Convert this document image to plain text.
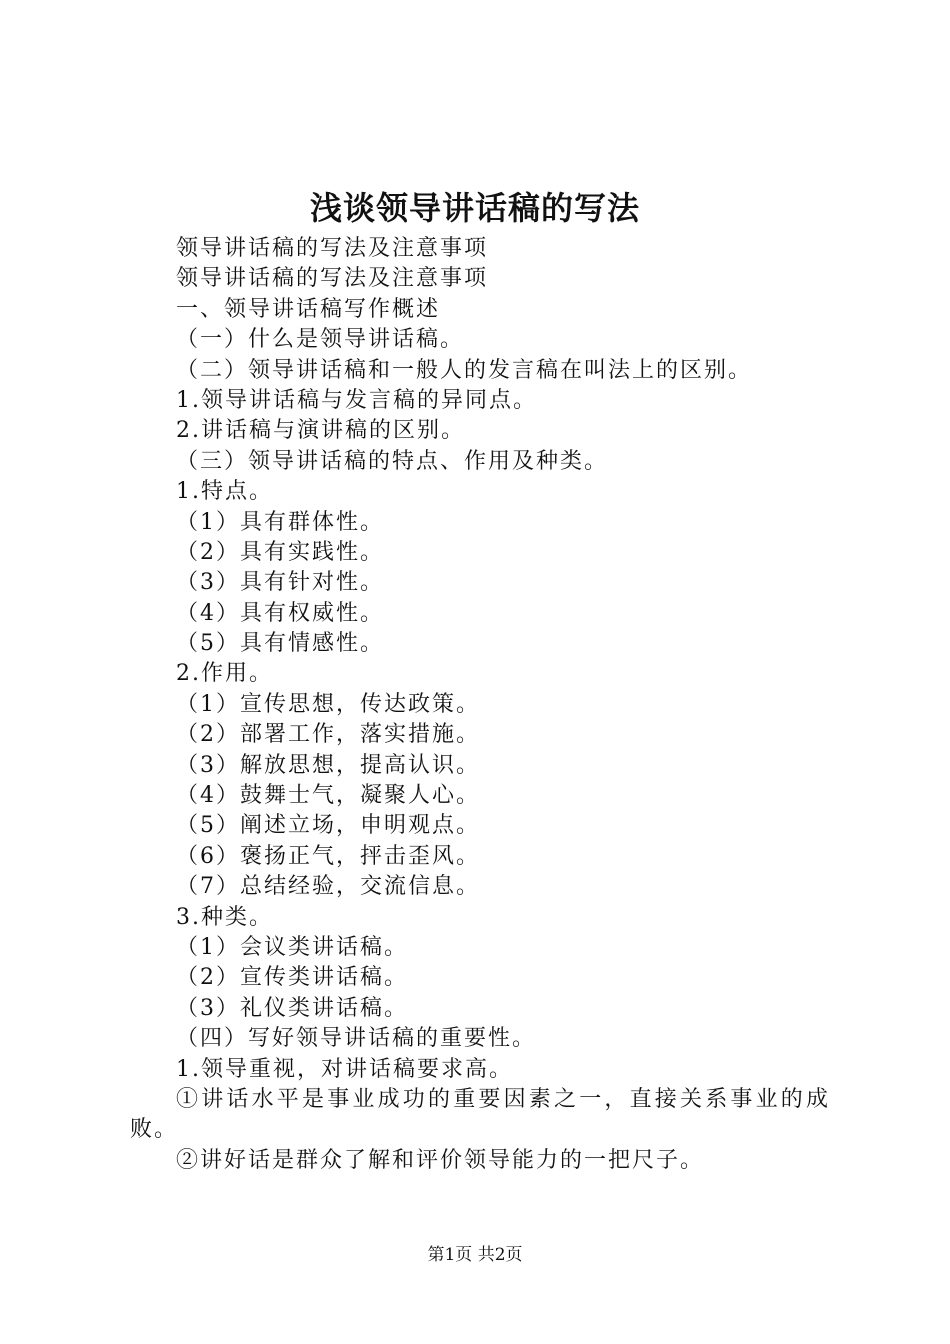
浅谈领导讲话稿的写法
领导讲话稿的写法及注意事项
领导讲话稿的写法及注意事项
一、领导讲话稿写作概述
（一）什么是领导讲话稿。
（二）领导讲话稿和一般人的发言稿在叫法上的区别。
1.领导讲话稿与发言稿的异同点。
2.讲话稿与演讲稿的区别。
（三）领导讲话稿的特点、作用及种类。
1.特点。
（1）具有群体性。
（2）具有实践性。
（3）具有针对性。
（4）具有权威性。
（5）具有情感性。
2.作用。
（1）宣传思想，传达政策。
（2）部署工作，落实措施。
（3）解放思想，提高认识。
（4）鼓舞士气，凝聚人心。
（5）阐述立场，申明观点。
（6）褒扬正气，抨击歪风。
（7）总结经验，交流信息。
3.种类。
（1）会议类讲话稿。
（2）宣传类讲话稿。
（3）礼仪类讲话稿。
（四）写好领导讲话稿的重要性。
1.领导重视，对讲话稿要求高。
①讲话水平是事业成功的重要因素之一，直接关系事业的成败。
②讲好话是群众了解和评价领导能力的一把尺子。
第1页 共2页
